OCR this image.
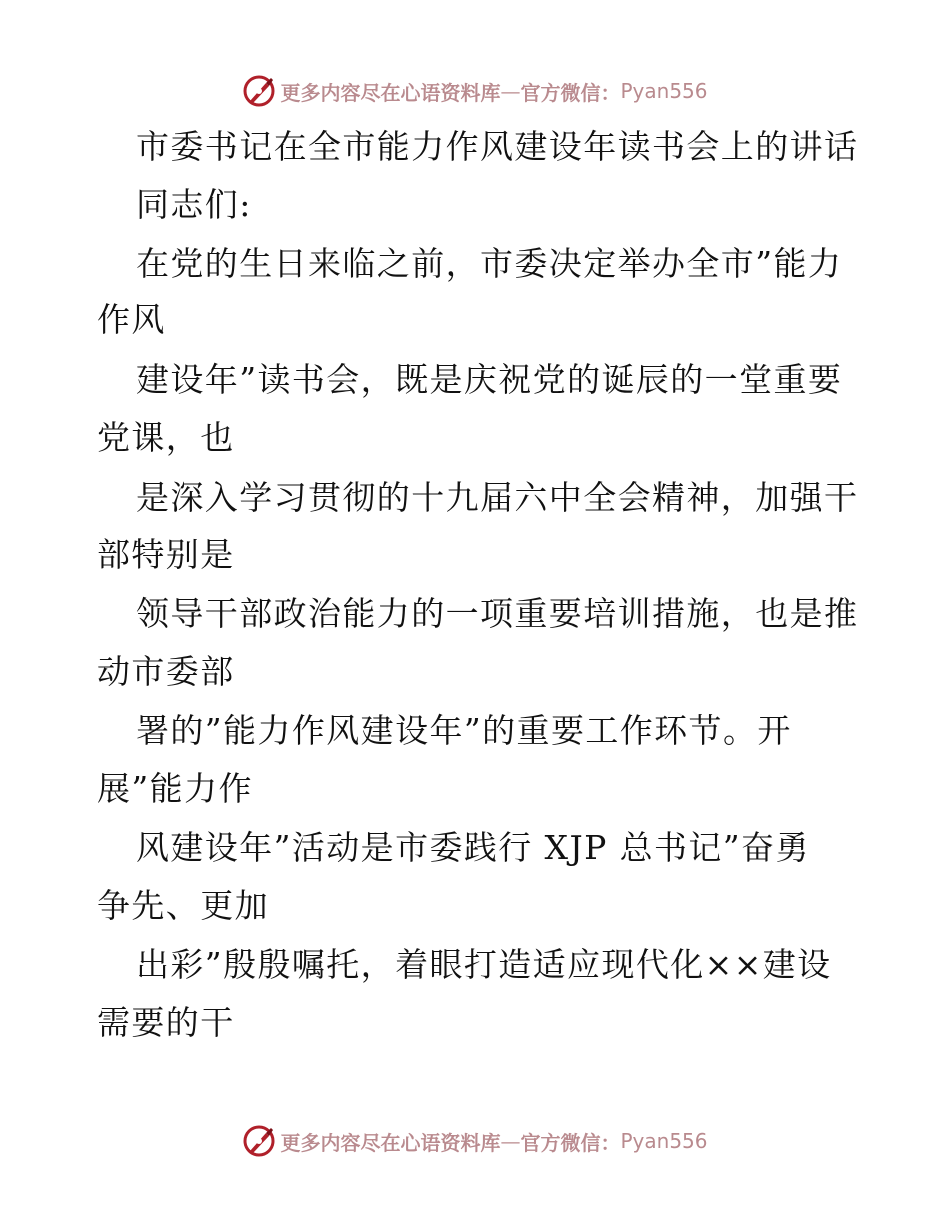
更多内容尽在心语资料库 — 官方微信： Pyan556
市委书记在全市能力作风建设年读书会上的讲话
同志们:
在党的生日来临之前，市委决定举办全市”能力
作风
建设年”读书会，既是庆祝党的诞辰的一堂重要
党课，也
是深入学习贯彻的十九届六中全会精神，加强干
部特别是
领导干部政治能力的一项重要培训措施，也是推
动市委部
署的”能力作风建设年”的重要工作环节。开
展”能力作
风建设年”活动是市委践行 XJP 总书记”奋勇
争先、更加
出彩”殷殷嘱托，着眼打造适应现代化××建设
需要的干
更多内容尽在心语资料库 — 官方微信： Pyan556
